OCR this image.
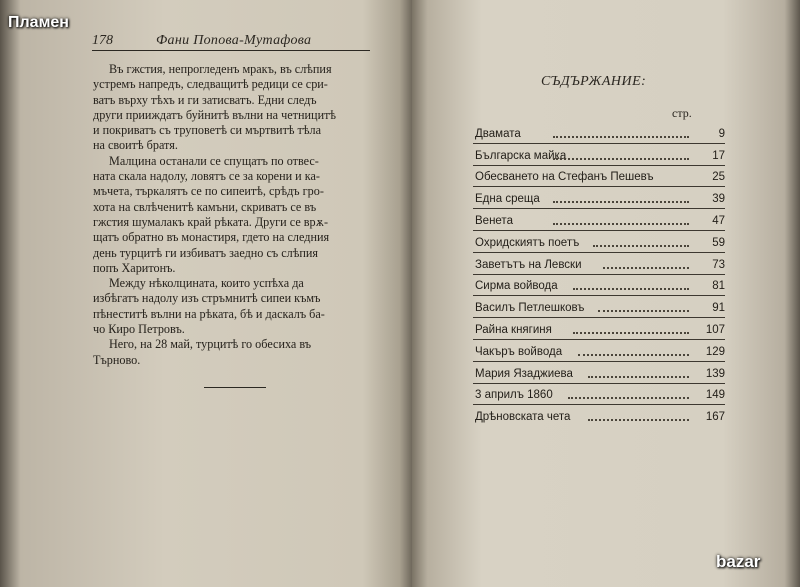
178	Фани Попова-Мутафова

Въ гжстия, непрогледенъ мракъ, въ слѣпия

устремъ напредъ, следващитѣ редици се сри-

ватъ върху тѣхъ и ги затисватъ. Едни следъ

други прииждатъ буйнитѣ вълни на четницитѣ

и покриватъ съ труповетѣ си мъртвитѣ тѣла

на своитѣ братя.

Малцина останали се спущатъ по отвес-

ната скала надолу, ловятъ се за корени и ка-

мъчета, търкалятъ се по сипеитѣ, срѣдъ гро-

хота на свлѣченитѣ камъни, скриватъ се въ

гжстия шумалакъ край рѣката. Други се врѫ-

щатъ обратно въ монастиря, гдето на следния

день турцитѣ ги избиватъ заедно съ слѣпия

попъ Харитонъ.

Между нѣколцината, които успѣха да

избѣгатъ надолу изъ стръмнитѣ сипеи къмъ

пѣнеститѣ вълни на рѣката, бѣ и даскалъ ба-

чо Киро Петровъ.

Него, на 28 май, турцитѣ го обесиха въ

Търново.

СЪДЪРЖАНИЕ:
стр.
Двамата	9
Българска майка	17
Обесването на Стефанъ Пешевъ	25
Една среща	39
Венета	47
Охридскиятъ поетъ	59
Заветътъ на Левски	73
Сирма войвода	81
Василъ Петлешковъ	91
Райна княгиня	107
Чакъръ войвода	129
Мария Язаджиева	139
3 априлъ 1860	149
Дрѣновската чета	167
Пламен
bazar
